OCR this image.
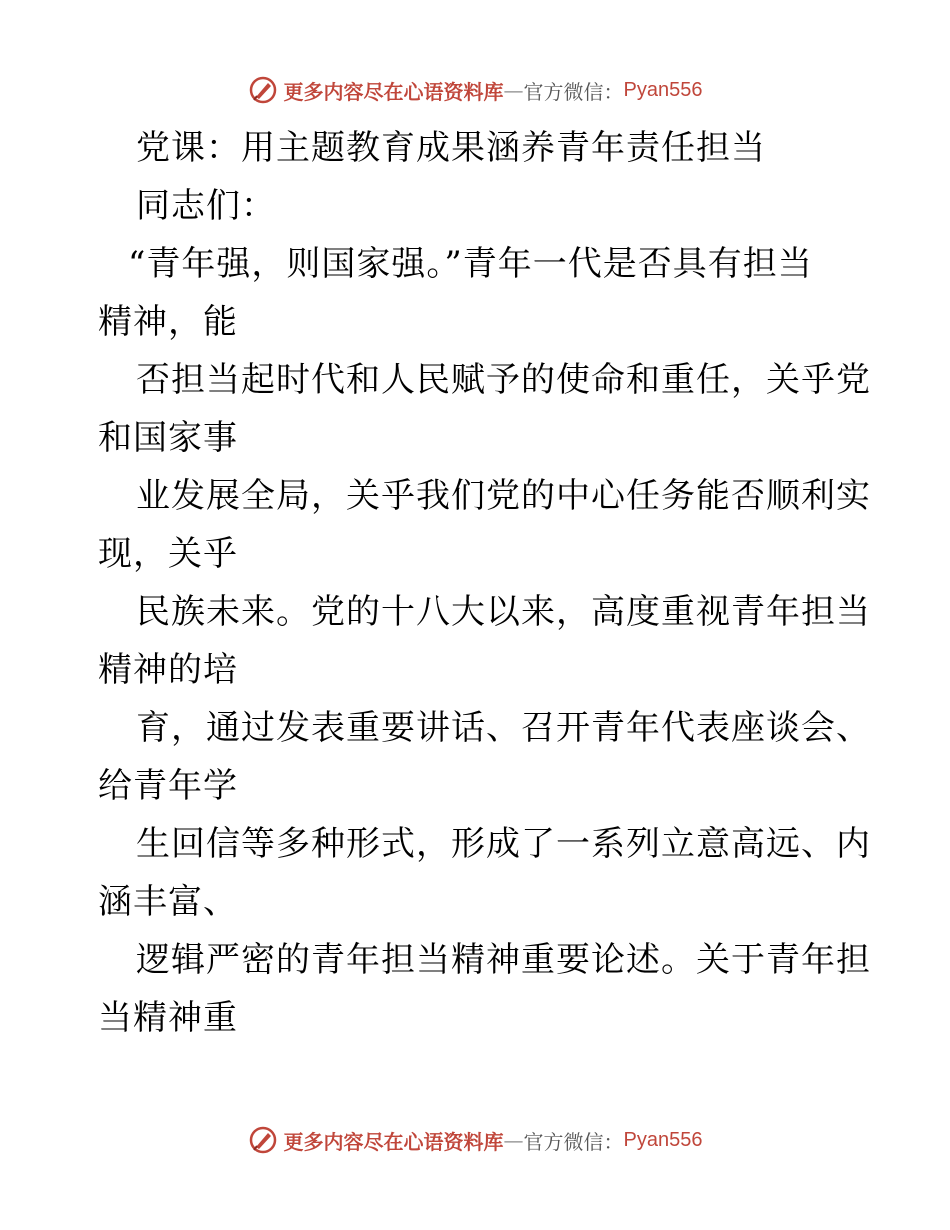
更多内容尽在心语资料库 — 官方微信： Pyan556
党课：用主题教育成果涵养青年责任担当
同志们：
“青年强，则国家强。”青年一代是否具有担当
精神，能
否担当起时代和人民赋予的使命和重任，关乎党
和国家事
业发展全局，关乎我们党的中心任务能否顺利实
现，关乎
民族未来。党的十八大以来，高度重视青年担当
精神的培
育，通过发表重要讲话、召开青年代表座谈会、
给青年学
生回信等多种形式，形成了一系列立意高远、内
涵丰富、
逻辑严密的青年担当精神重要论述。关于青年担
当精神重
更多内容尽在心语资料库 — 官方微信： Pyan556
